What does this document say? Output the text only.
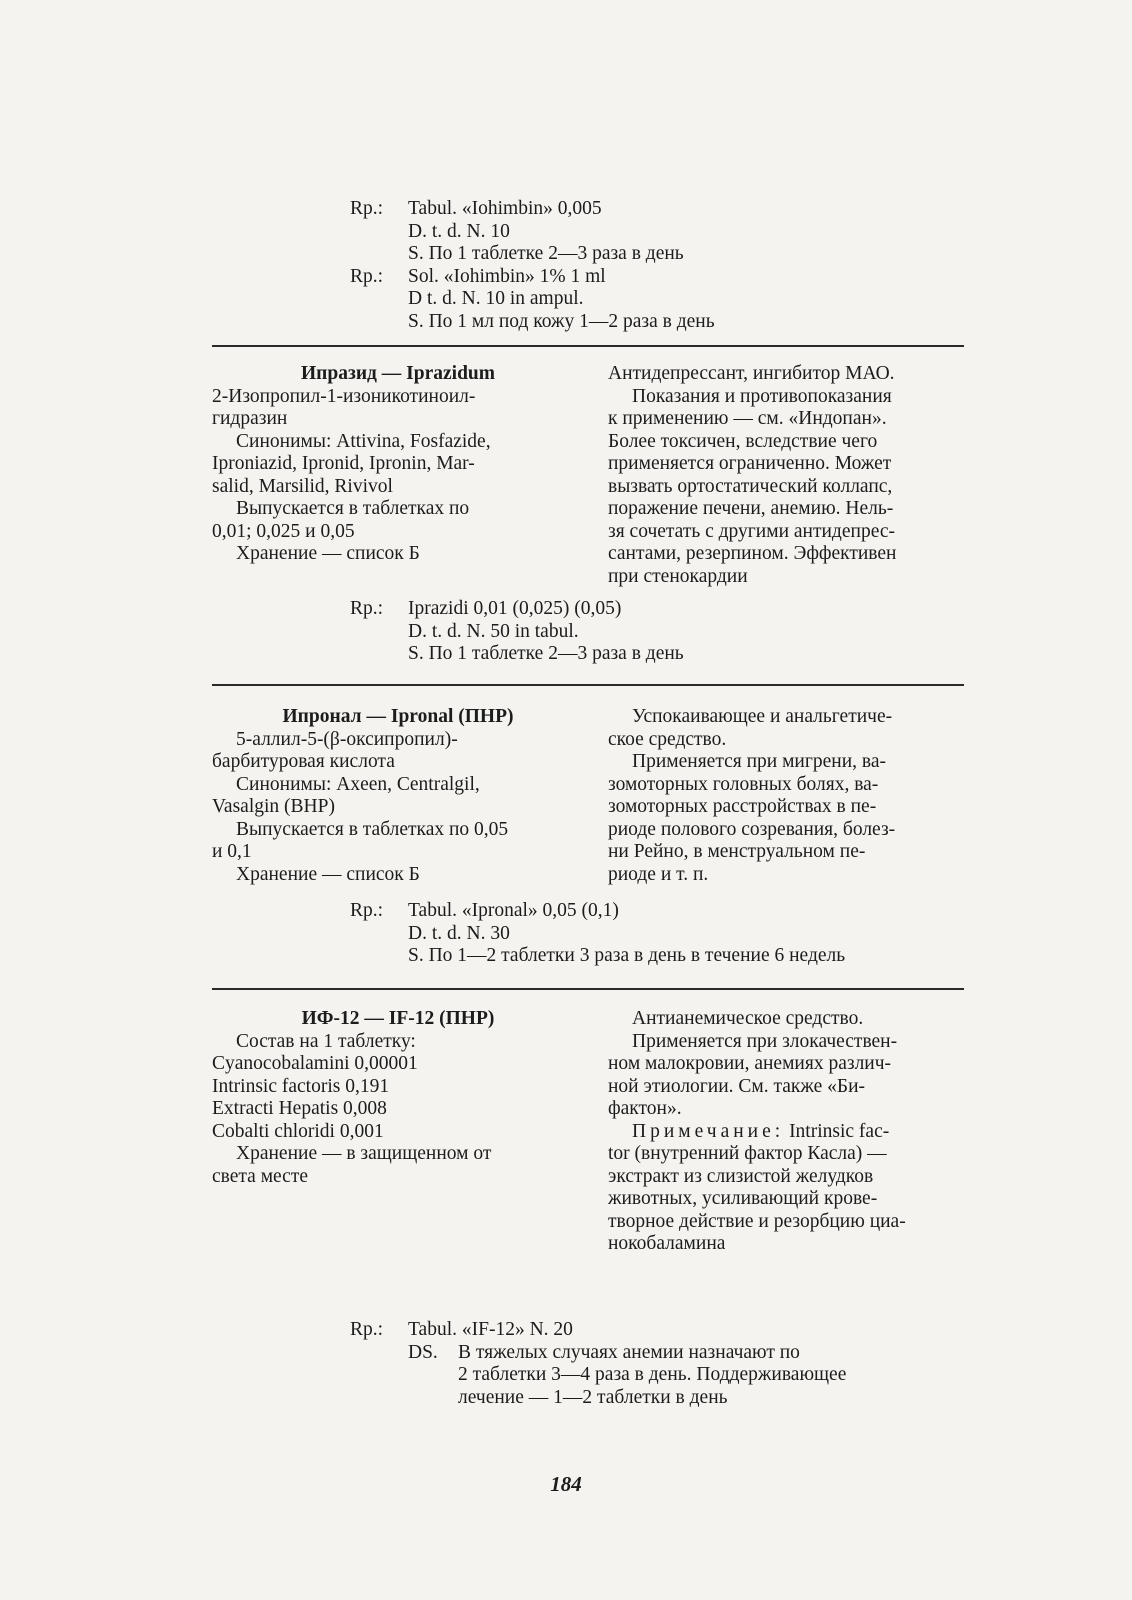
Rp.:	Tabul. «Iohimbin» 0,005
D. t. d. N. 10
S. По 1 таблетке 2—3 раза в день
Rp.:	Sol. «Iohimbin» 1% 1 ml
D t. d. N. 10 in ampul.
S. По 1 мл под кожу 1—2 раза в день
Ипразид — Iprazidum
2-Изопропил-1-изоникотиноил-
гидразин
Синонимы: Attivina, Fosfazide,
Iproniazid, Ipronid, Ipronin, Mar-
salid, Marsilid, Rivivol
Выпускается в таблетках по
0,01; 0,025 и 0,05
Хранение — список Б
Антидепрессант, ингибитор МАО.
Показания и противопоказания
к применению — см. «Индопан».
Более токсичен, вследствие чего
применяется ограниченно. Может
вызвать ортостатический коллапс,
поражение печени, анемию. Нель-
зя сочетать с другими антидепрес-
сантами, резерпином. Эффективен
при стенокардии
Rp.:	Iprazidi 0,01 (0,025) (0,05)
D. t. d. N. 50 in tabul.
S. По 1 таблетке 2—3 раза в день
Ипронал — Ipronal (ПНР)
5-аллил-5-(β-оксипропил)-
барбитуровая кислота
Синонимы: Axeen, Centralgil,
Vasalgin (ВНР)
Выпускается в таблетках по 0,05
и 0,1
Хранение — список Б
Успокаивающее и анальгетиче-
ское средство.
Применяется при мигрени, ва-
зомоторных головных болях, ва-
зомоторных расстройствах в пе-
риоде полового созревания, болез-
ни Рейно, в менструальном пе-
риоде и т. п.
Rp.:	Tabul. «Ipronal» 0,05 (0,1)
D. t. d. N. 30
S. По 1—2 таблетки 3 раза в день в течение 6 недель
ИФ-12 — IF-12 (ПНР)
Состав на 1 таблетку:
Cyanocobalamini 0,00001
Intrinsic factoris 0,191
Extracti Hepatis 0,008
Cobalti chloridi 0,001
Хранение — в защищенном от
света месте
Антианемическое средство.
Применяется при злокачествен-
ном малокровии, анемиях различ-
ной этиологии. См. также «Би-
фактон».
Примечание: Intrinsic fac-
tor (внутренний фактор Касла) —
экстракт из слизистой желудков
животных, усиливающий крове-
творное действие и резорбцию циа-
нокобаламина
Rp.:	Tabul. «IF-12» N. 20
DS.	В тяжелых случаях анемии назначают по
2 таблетки 3—4 раза в день. Поддерживающее
лечение — 1—2 таблетки в день
184
